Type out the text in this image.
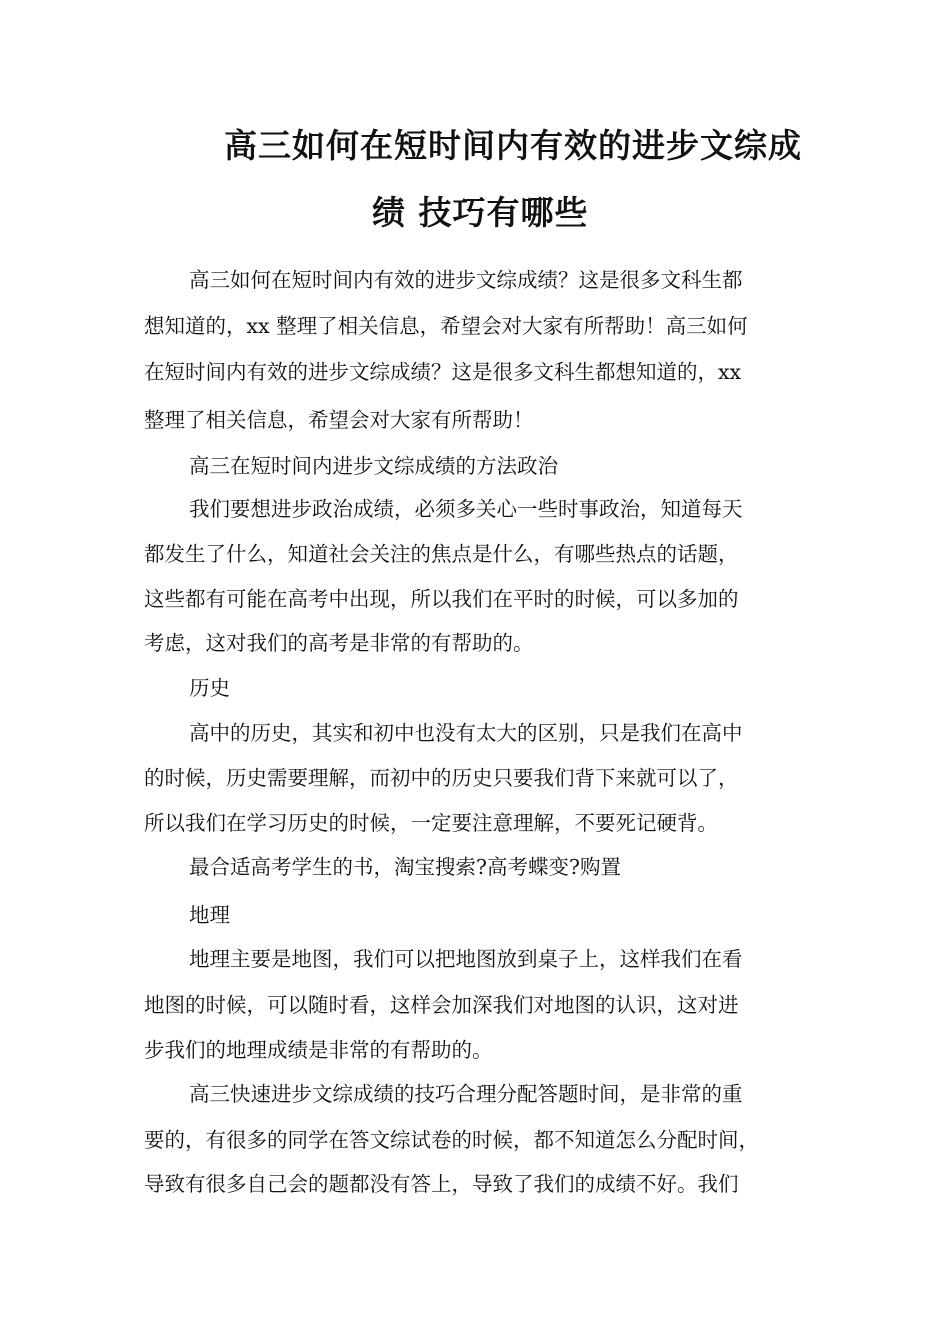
高三如何在短时间内有效的进步文综成
绩 技巧有哪些

高三如何在短时间内有效的进步文综成绩？这是很多文科生都

想知道的，xx 整理了相关信息，希望会对大家有所帮助！高三如何

在短时间内有效的进步文综成绩？这是很多文科生都想知道的，xx

整理了相关信息，希望会对大家有所帮助！

高三在短时间内进步文综成绩的方法政治

我们要想进步政治成绩，必须多关心一些时事政治，知道每天

都发生了什么，知道社会关注的焦点是什么，有哪些热点的话题，

这些都有可能在高考中出现，所以我们在平时的时候，可以多加的

考虑，这对我们的高考是非常的有帮助的。

历史

高中的历史，其实和初中也没有太大的区别，只是我们在高中

的时候，历史需要理解，而初中的历史只要我们背下来就可以了，

所以我们在学习历史的时候，一定要注意理解，不要死记硬背。

最合适高考学生的书，淘宝搜索?高考蝶变?购置

地理

地理主要是地图，我们可以把地图放到桌子上，这样我们在看

地图的时候，可以随时看，这样会加深我们对地图的认识，这对进

步我们的地理成绩是非常的有帮助的。

高三快速进步文综成绩的技巧合理分配答题时间，是非常的重

要的，有很多的同学在答文综试卷的时候，都不知道怎么分配时间，

导致有很多自己会的题都没有答上，导致了我们的成绩不好。我们
